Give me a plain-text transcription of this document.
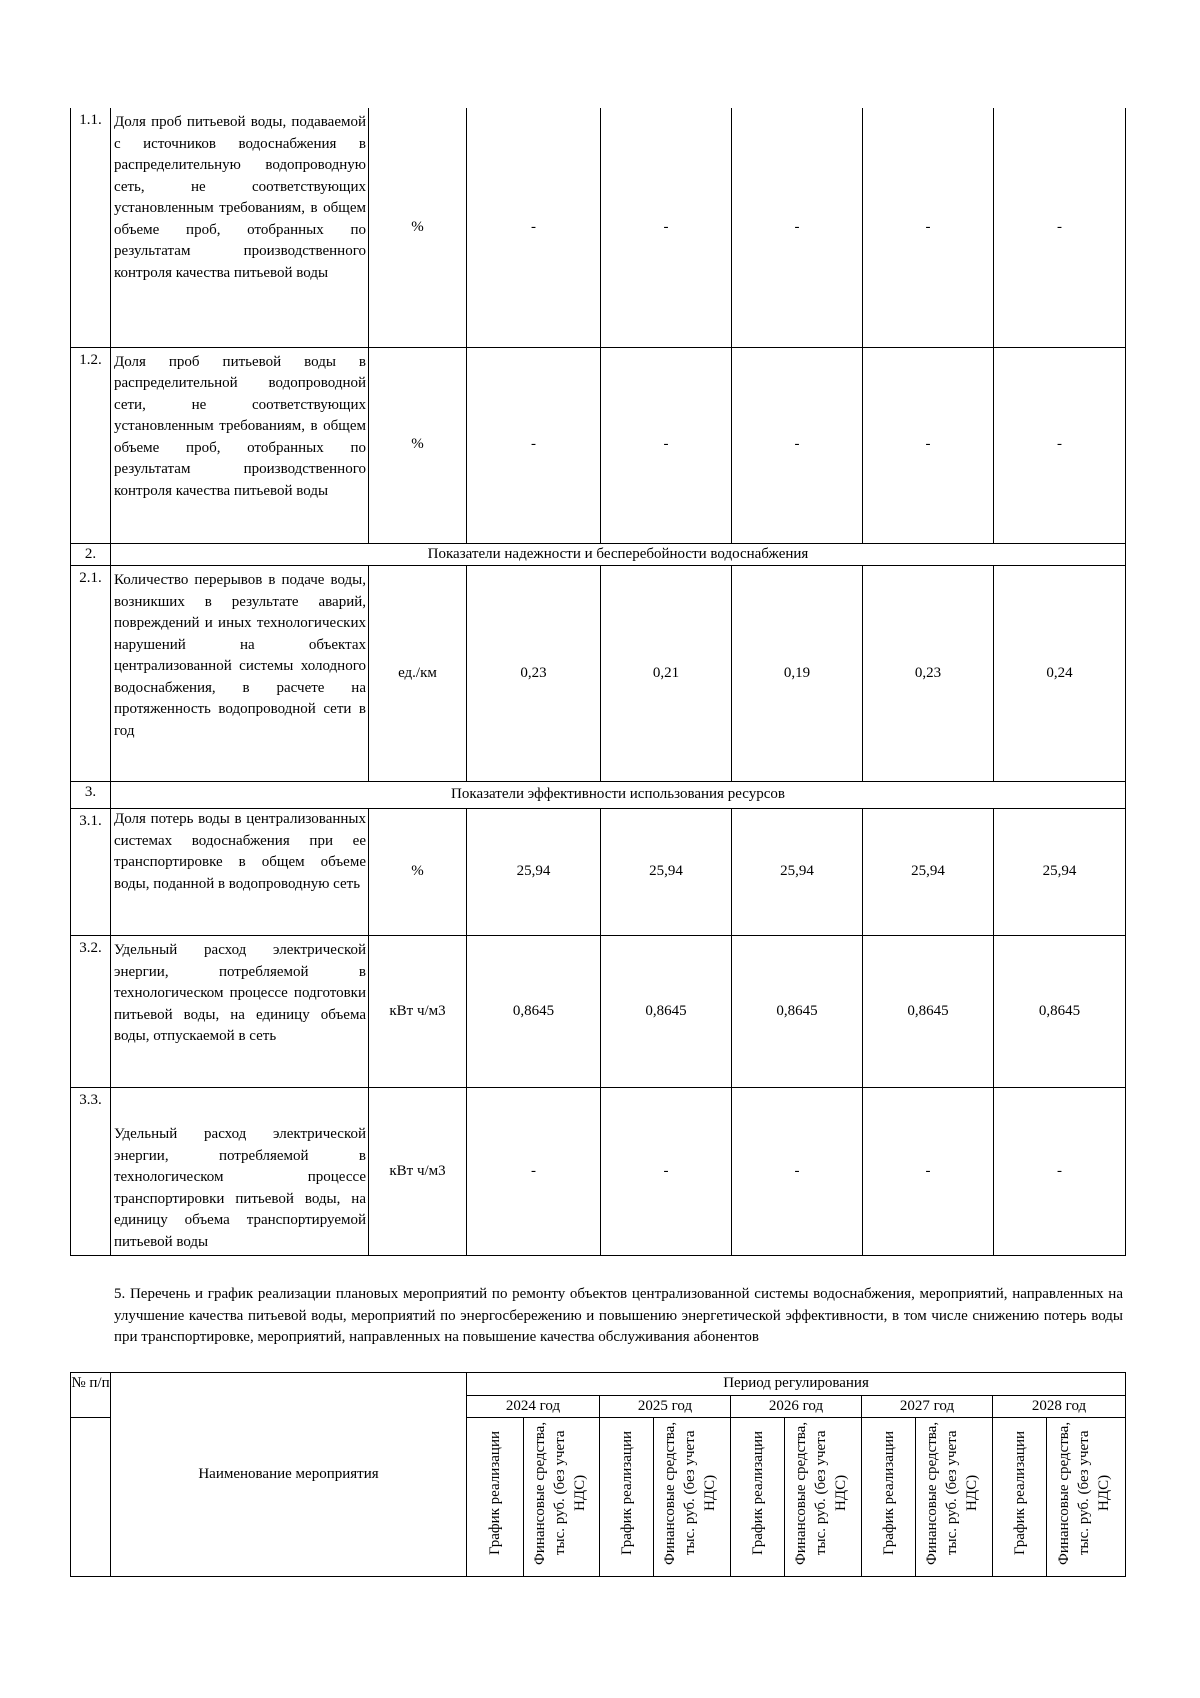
1.1.	Доля проб питьевой воды, подаваемой с источников водоснабжения в распределительную водопроводную сеть, не соответствующих установленным требованиям, в общем объеме проб, отобранных по результатам производственного контроля качества питьевой воды	%	-	-	-	-	-
1.2.	Доля проб питьевой воды в распределительной водопроводной сети, не соответствующих установленным требованиям, в общем объеме проб, отобранных по результатам производственного контроля качества питьевой воды	%	-	-	-	-	-
2.	Показатели надежности и бесперебойности водоснабжения						
2.1.	Количество перерывов в подаче воды, возникших в результате аварий, повреждений и иных технологических нарушений на объектах централизованной системы холодного водоснабжения, в расчете на протяженность водопроводной сети в год	ед./км	0,23	0,21	0,19	0,23	0,24
3.	Показатели эффективности использования ресурсов						
3.1.	Доля потерь воды в централизованных системах водоснабжения при ее транспортировке в общем объеме воды, поданной в водопроводную сеть	%	25,94	25,94	25,94	25,94	25,94
3.2.	Удельный расход электрической энергии, потребляемой в технологическом процессе подготовки питьевой воды, на единицу объема воды, отпускаемой в сеть	кВт ч/м3	0,8645	0,8645	0,8645	0,8645	0,8645
3.3.	Удельный расход электрической энергии, потребляемой в технологическом процессе транспортировки питьевой воды, на единицу объема транспортируемой питьевой воды	кВт ч/м3	-	-	-	-	-

5. Перечень и график реализации плановых мероприятий по ремонту объектов централизованной системы водоснабжения, мероприятий, направленных на улучшение качества питьевой воды, мероприятий по энергосбережению и повышению энергетической эффективности, в том числе снижению потерь воды при транспортировке, мероприятий, направленных на повышение качества обслуживания абонентов

№ п/п	Наименование мероприятия	Период регулирования									
		2024 год		2025 год		2026 год		2027 год		2028 год	
		График реализации	Финансовые средства, тыс. руб. (без учета НДС)	График реализации	Финансовые средства, тыс. руб. (без учета НДС)	График реализации	Финансовые средства, тыс. руб. (без учета НДС)	График реализации	Финансовые средства, тыс. руб. (без учета НДС)	График реализации	Финансовые средства, тыс. руб. (без учета НДС)
